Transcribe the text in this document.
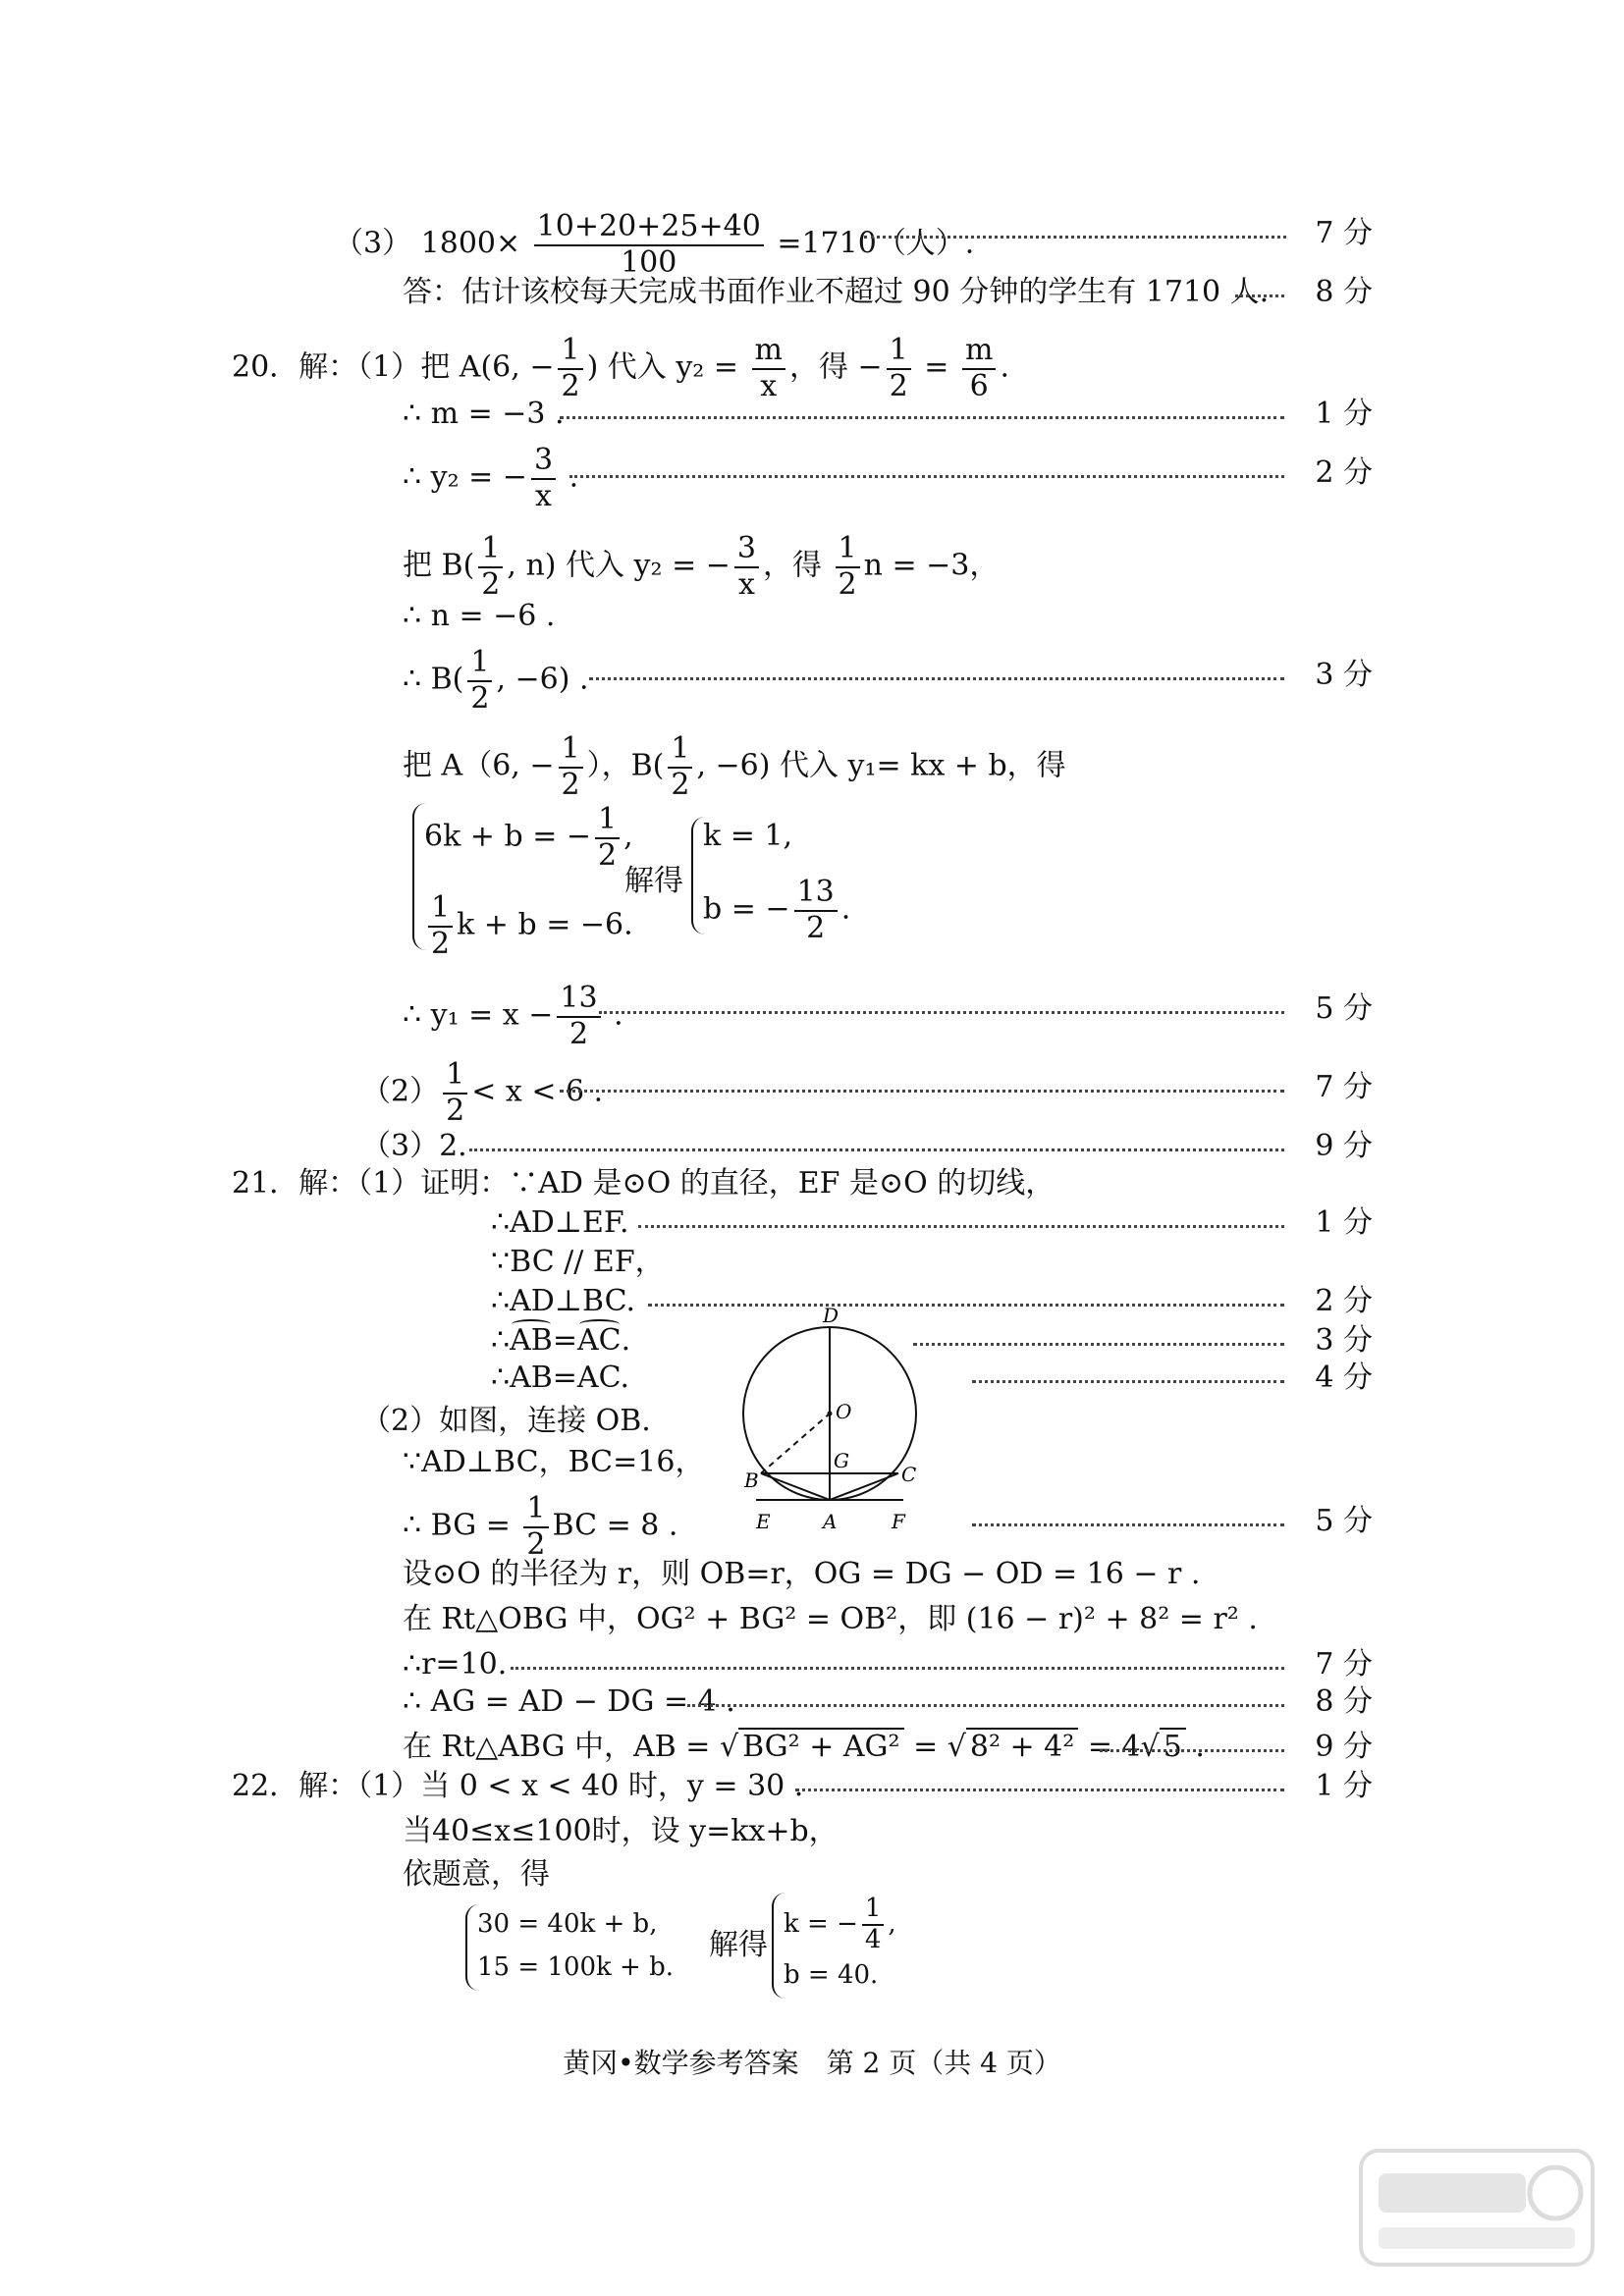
（3） $1800\times \frac{10+20+25+40}{100} =1710$（人）.	7 分
答：估计该校每天完成书面作业不超过 90 分钟的学生有 1710 人. 8 分
20．解：（1）把 A(6, − $\frac{1}{2}$ ) 代入 $y_2 = \frac{m}{x}$ ，得 − $\frac{1}{2} = \frac{m}{6}$ .
∴ m = −3 .	1 分
∴ y₂ = − $\frac{3}{x}$ .	2 分
把 $B( \frac{1}{2}$ , n) 代入 y₂ = − $\frac{3}{x}$ ，得 $\frac{1}{2}$ n = −3，
∴ n = −6 .
∴ $B( \frac{1}{2}$ , −6) .	3 分
把 A（6, − $\frac{1}{2}$ ），$B( \frac{1}{2}$ , −6) 代入 y₁= kx + b，得
6k + b = − $\frac{1}{2}$ ,
$\frac{1}{2}$ k + b = −6.
解得
k = 1,
b = − $\frac{13}{2}$ .
∴ $y_1 = x - \frac{13}{2}$ .	5 分
$(2) \frac{1}{2} < x < 6$ .	7 分
（3）2.	9 分
21．解：（1）证明：∵AD 是⊙O 的直径，EF 是⊙O 的切线，
∴AD⊥EF.	1 分
∵BC // EF，
∴AD⊥BC.	2 分
∴AB=AC.	3 分
∴AB=AC.	4 分
（2）如图，连接 OB.
∵AD⊥BC，BC=16，
∴ BG = $\frac{1}{2}$ BC = 8 .	5 分
D
O
G
B	C
E	A	F
设⊙O 的半径为 r，则 OB=r，OG = DG − OD = 16 − r .
在 Rt△OBG 中，OG² + BG² = OB²，即 (16 − r)² + 8² = r² .
∴r=10.	7 分
∴ AG = AD − DG = 4 .	8 分
在 Rt△ABG 中，AB = √ BG² + AG² = √ 8² + 4² = 4√ 5 .	9 分
22．解：（1）当 0 < x < 40 时，y = 30 .	1 分
当40≤x≤100时，设 y=kx+b，
依题意，得
30 = 40k + b,
15 = 100k + b.
解得
k = − $\frac{1}{4}$ ,
b = 40.
黄冈•数学参考答案　第 2 页（共 4 页）
